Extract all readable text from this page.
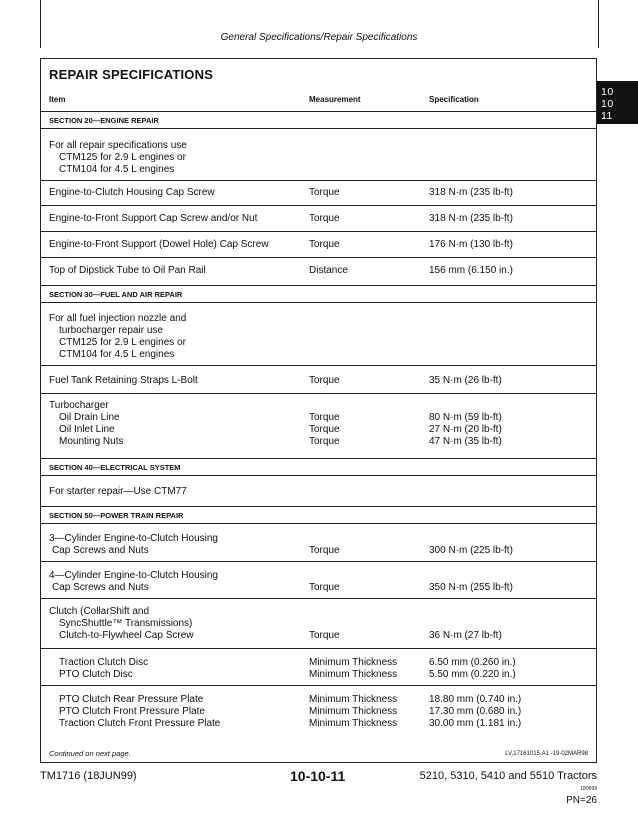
General Specifications/Repair Specifications
10
10
11
REPAIR SPECIFICATIONS
Item	Measurement	Specification
SECTION 20—ENGINE REPAIR
For all repair specifications use
CTM125 for 2.9 L engines or
CTM104 for 4.5 L engines
Engine-to-Clutch Housing Cap Screw	Torque	318 N·m (235 lb-ft)
Engine-to-Front Support Cap Screw and/or Nut	Torque	318 N·m (235 lb-ft)
Engine-to-Front Support (Dowel Hole) Cap Screw	Torque	176 N·m (130 lb-ft)
Top of Dipstick Tube to Oil Pan Rail	Distance	156 mm (6.150 in.)
SECTION 30—FUEL AND AIR REPAIR
For all fuel injection nozzle and
turbocharger repair use
CTM125 for 2.9 L engines or
CTM104 for 4.5 L engines
Fuel Tank Retaining Straps L-Bolt	Torque	35 N·m (26 lb-ft)
Turbocharger
Oil Drain Line	Torque	80 N·m (59 lb-ft)
Oil Inlet Line	Torque	27 N·m (20 lb-ft)
Mounting Nuts	Torque	47 N·m (35 lb-ft)
SECTION 40—ELECTRICAL SYSTEM
For starter repair—Use CTM77
SECTION 50—POWER TRAIN REPAIR
3—Cylinder Engine-to-Clutch Housing
Cap Screws and Nuts	Torque	300 N·m (225 lb-ft)
4—Cylinder Engine-to-Clutch Housing
Cap Screws and Nuts	Torque	350 N·m (255 lb-ft)
Clutch (CollarShift and
SyncShuttle™ Transmissions)
Clutch-to-Flywheel Cap Screw	Torque	36 N·m (27 lb-ft)
Traction Clutch Disc	Minimum Thickness	6.50 mm (0.260 in.)
PTO Clutch Disc	Minimum Thickness	5.50 mm (0.220 in.)
PTO Clutch Rear Pressure Plate	Minimum Thickness	18.80 mm (0.740 in.)
PTO Clutch Front Pressure Plate	Minimum Thickness	17.30 mm (0.680 in.)
Traction Clutch Front Pressure Plate	Minimum Thickness	30.00 mm (1.181 in.)
Continued on next page.	LV,17161015,A1 -19-02MAR98
TM1716 (18JUN99)	10-10-11	5210, 5310, 5410 and 5510 Tractors
180699
PN=26
